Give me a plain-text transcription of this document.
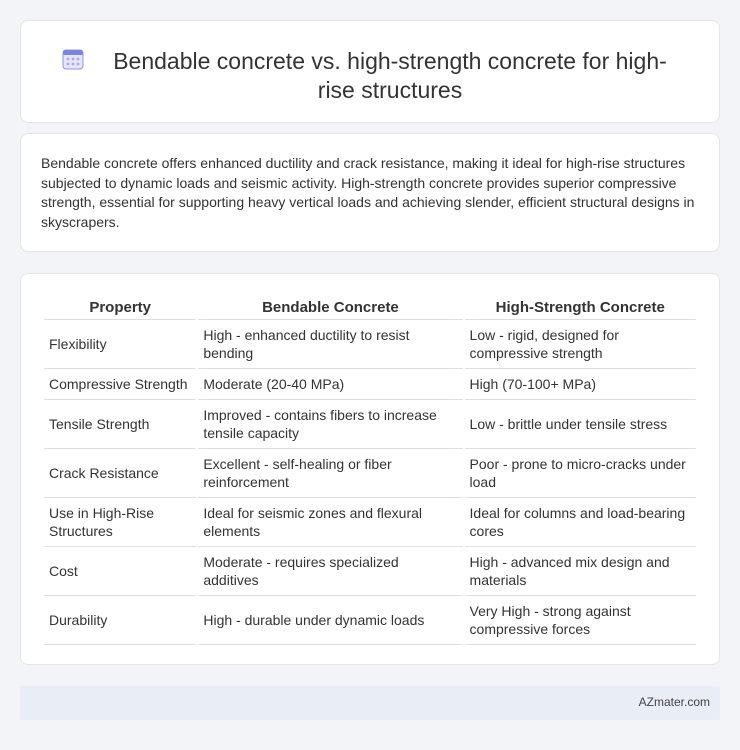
Bendable concrete vs. high-strength concrete for high-rise structures

Bendable concrete offers enhanced ductility and crack resistance, making it ideal for high-rise structures subjected to dynamic loads and seismic activity. High-strength concrete provides superior compressive strength, essential for supporting heavy vertical loads and achieving slender, efficient structural designs in skyscrapers.

Property	Bendable Concrete	High-Strength Concrete
Flexibility	High - enhanced ductility to resist bending	Low - rigid, designed for compressive strength
Compressive Strength	Moderate (20-40 MPa)	High (70-100+ MPa)
Tensile Strength	Improved - contains fibers to increase tensile capacity	Low - brittle under tensile stress
Crack Resistance	Excellent - self-healing or fiber reinforcement	Poor - prone to micro-cracks under load
Use in High-Rise Structures	Ideal for seismic zones and flexural elements	Ideal for columns and load-bearing cores
Cost	Moderate - requires specialized additives	High - advanced mix design and materials
Durability	High - durable under dynamic loads	Very High - strong against compressive forces
AZmater.com
